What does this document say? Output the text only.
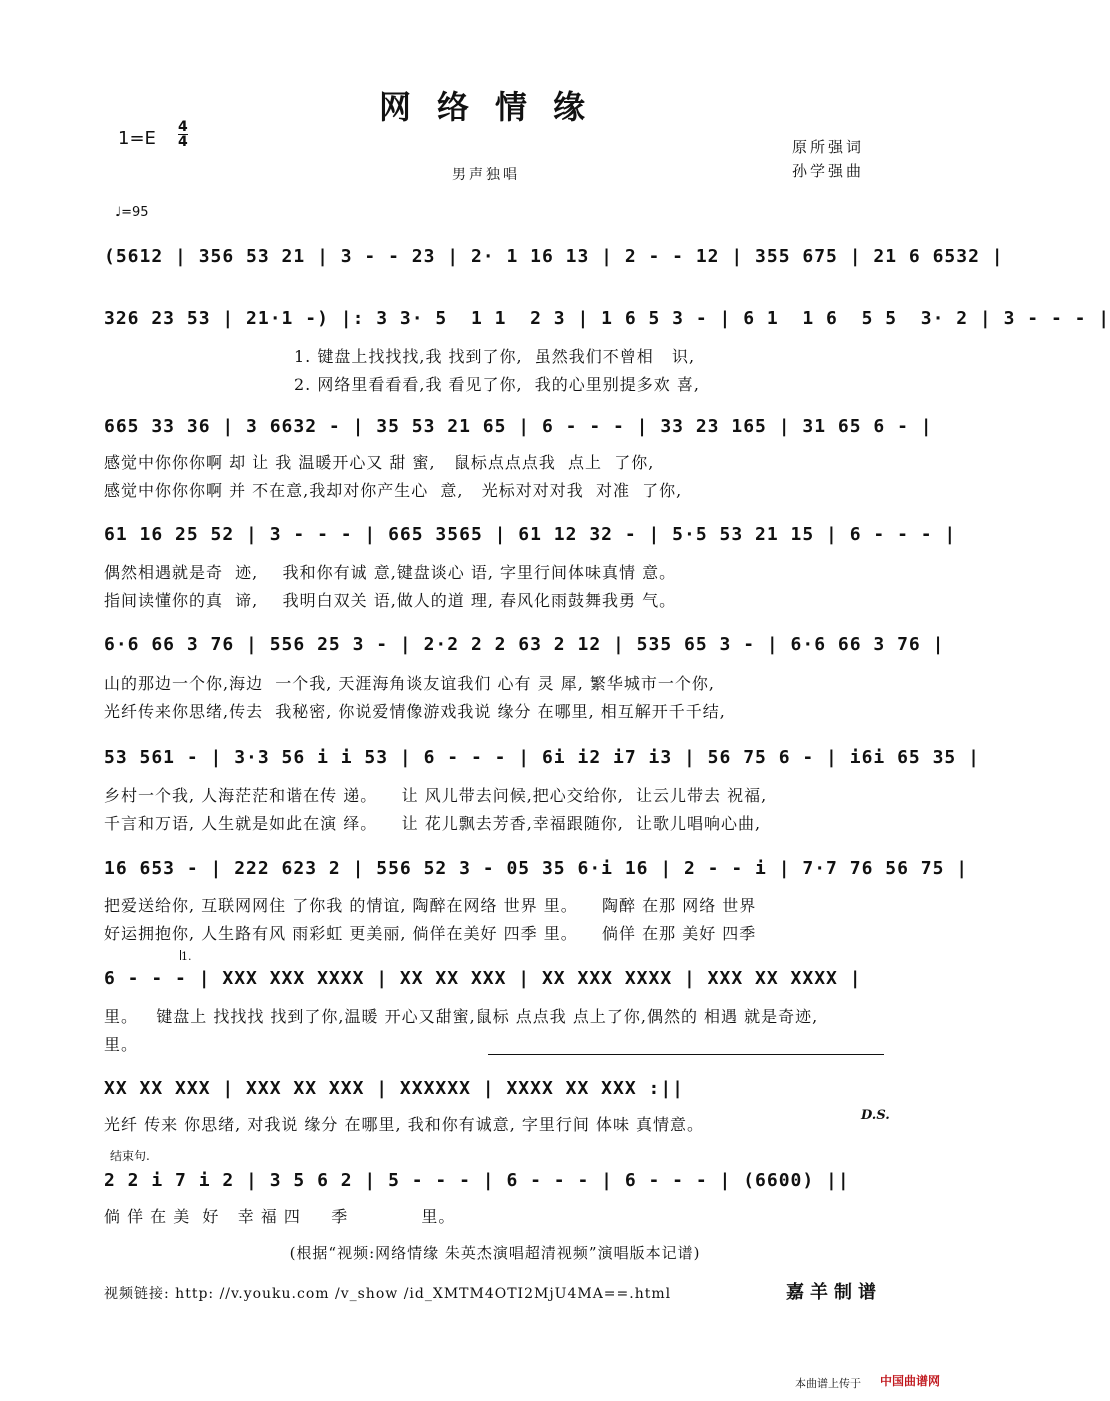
网络情缘
1=E
4
4	原所强词
孙学强曲
男声独唱
♩=95
(5612 | 356 53 21 | 3 - - 23 | 2· 1 16 13 | 2 - - 12 | 355 675 | 21 6 6532 |
326 23 53 | 21·1 -) |: 3 3· 5  1 1  2 3 | 1 6 5 3 - | 6 1  1 6  5 5  3· 2 | 3 - - - |
1. 键盘上找找找,我 找到了你,  虽然我们不曾相   识,
2. 网络里看看看,我 看见了你,  我的心里别提多欢 喜,
665 33 36 | 3 6632 - | 35 53 21 65 | 6 - - - | 33 23 165 | 31 65 6 - |
感觉中你你你啊 却 让 我 温暖开心又 甜 蜜,   鼠标点点点我  点上  了你,
感觉中你你你啊 并 不在意,我却对你产生心  意,   光标对对对我  对准  了你,
61 16 25 52 | 3 - - - | 665 3565 | 61 12 32 - | 5·5 53 21 15 | 6 - - - |
偶然相遇就是奇  迹,    我和你有诚 意,键盘谈心 语, 字里行间体味真情 意。
指间读懂你的真  谛,    我明白双关 语,做人的道 理, 春风化雨鼓舞我勇 气。
6·6 66 3 76 | 556 25 3 - | 2·2 2 2 63 2 12 | 535 65 3 - | 6·6 66 3 76 |
山的那边一个你,海边  一个我, 天涯海角谈友谊我们 心有 灵 犀, 繁华城市一个你,
光纤传来你思绪,传去  我秘密, 你说爱情像游戏我说 缘分 在哪里, 相互解开千千结,
53 561 - | 3·3 56 i i 53 | 6 - - - | 6i i2 i7 i3 | 56 75 6 - | i6i 65 35 |
乡村一个我, 人海茫茫和谐在传 递。    让 风儿带去问候,把心交给你,  让云儿带去 祝福,
千言和万语, 人生就是如此在演 绎。    让 花儿飘去芳香,幸福跟随你,  让歌儿唱响心曲,
16 653 - | 222 623 2 | 556 52 3 - 05 35 6·i 16 | 2 - - i | 7·7 76 56 75 |
把爱送给你, 互联网网住 了你我 的情谊, 陶醉在网络 世界 里。    陶醉 在那 网络 世界
好运拥抱你, 人生路有风 雨彩虹 更美丽, 倘佯在美好 四季 里。    倘佯 在那 美好 四季
1.
6 - - - | XXX XXX XXXX | XX XX XXX | XX XXX XXXX | XXX XX XXXX |
里。   键盘上 找找找 找到了你,温暖 开心又甜蜜,鼠标 点点我 点上了你,偶然的 相遇 就是奇迹,
里。
XX XX XXX | XXX XX XXX | XXXXXX | XXXX XX XXX :||
光纤 传来 你思绪, 对我说 缘分 在哪里, 我和你有诚意, 字里行间 体味 真情意。	D.S.
结束句.
2 2 i 7 i 2 | 3 5 6 2 | 5 - - - | 6 - - - | 6 - - - | (6600) ||
倘 佯 在 美  好   幸 福 四     季            里。
(根据“视频:网络情缘 朱英杰演唱超清视频”演唱版本记谱)
视频链接: http: //v.youku.com /v_show /id_XMTM4OTI2MjU4MA==.html	嘉羊制谱
本曲谱上传于 中国曲谱网
